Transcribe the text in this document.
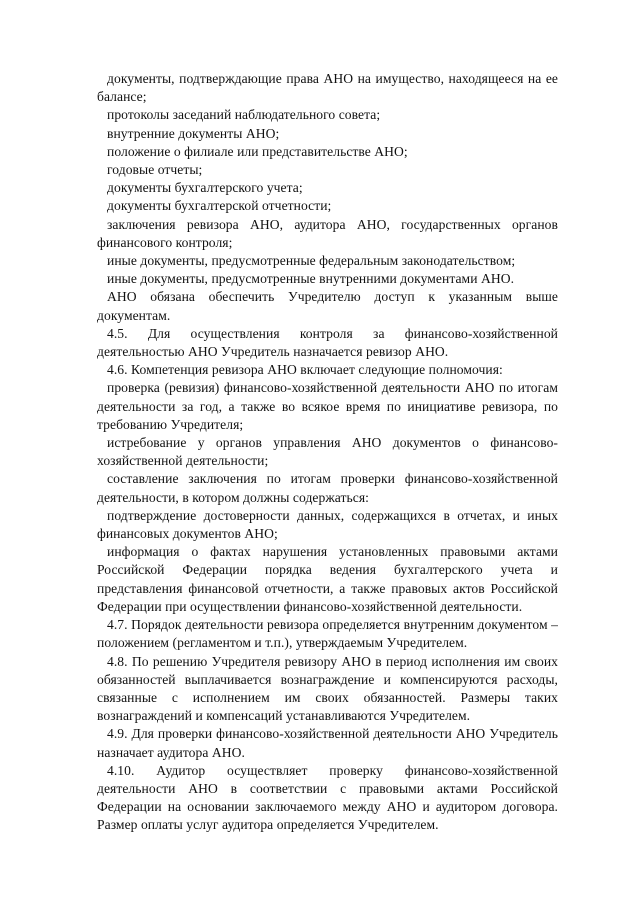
документы, подтверждающие права АНО на имущество, находящееся на ее балансе;

протоколы заседаний наблюдательного совета;

внутренние документы АНО;

положение о филиале или представительстве АНО;

годовые отчеты;

документы бухгалтерского учета;

документы бухгалтерской отчетности;

заключения ревизора АНО, аудитора АНО, государственных органов финансового контроля;

иные документы, предусмотренные федеральным законодательством;

иные документы, предусмотренные внутренними документами АНО.

АНО обязана обеспечить Учредителю доступ к указанным выше документам.

4.5. Для осуществления контроля за финансово-хозяйственной деятельностью АНО Учредитель назначается ревизор АНО.

4.6. Компетенция ревизора АНО включает следующие полномочия:

проверка (ревизия) финансово-хозяйственной деятельности АНО по итогам деятельности за год, а также во всякое время по инициативе ревизора, по требованию Учредителя;

истребование у органов управления АНО документов о финансово-хозяйственной деятельности;

составление заключения по итогам проверки финансово-хозяйственной деятельности, в котором должны содержаться:

подтверждение достоверности данных, содержащихся в отчетах, и иных финансовых документов АНО;

информация о фактах нарушения установленных правовыми актами Российской Федерации порядка ведения бухгалтерского учета и представления финансовой отчетности, а также правовых актов Российской Федерации при осуществлении финансово-хозяйственной деятельности.

4.7. Порядок деятельности ревизора определяется внутренним документом – положением (регламентом и т.п.), утверждаемым Учредителем.

4.8. По решению Учредителя ревизору АНО в период исполнения им своих обязанностей выплачивается вознаграждение и компенсируются расходы, связанные с исполнением им своих обязанностей. Размеры таких вознаграждений и компенсаций устанавливаются Учредителем.

4.9. Для проверки финансово-хозяйственной деятельности АНО Учредитель назначает аудитора АНО.

4.10. Аудитор осуществляет проверку финансово-хозяйственной деятельности АНО в соответствии с правовыми актами Российской Федерации на основании заключаемого между АНО и аудитором договора. Размер оплаты услуг аудитора определяется Учредителем.
